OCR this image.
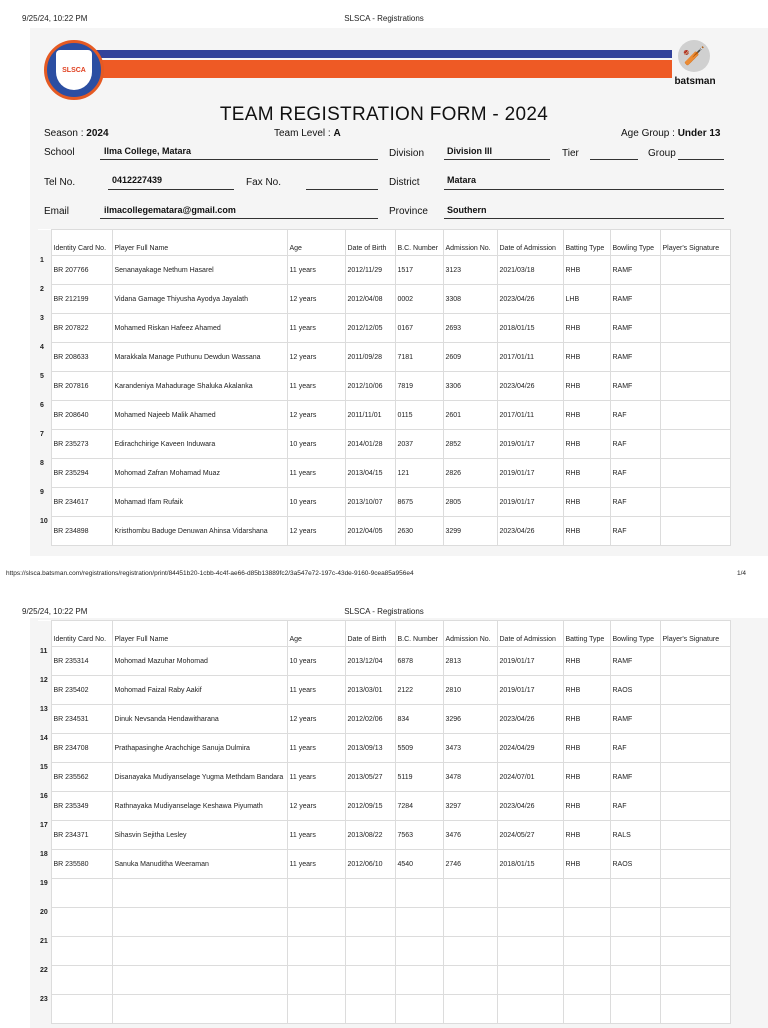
9/25/24, 10:22 PM	SLSCA - Registrations
SLSCA
🏏
batsman
TEAM REGISTRATION FORM - 2024
Season : 2024	Team Level : A	Age Group : Under 13
School	Ilma College, Matara	Division	Division III	Tier	Group
Tel No.	0412227439	Fax No.	District	Matara
Email	ilmacollegematara@gmail.com	Province Southern
	Identity Card No.	Player Full Name	Age	Date of Birth	B.C. Number	Admission No.	Date of Admission	Batting Type	Bowling Type	Player's Signature
1	BR 207766	Senanayakage Nethum Hasarel	11 years	2012/11/29	1517	3123	2021/03/18	RHB	RAMF	
2	BR 212199	Vidana Gamage Thiyusha Ayodya Jayalath	12 years	2012/04/08	0002	3308	2023/04/26	LHB	RAMF	
3	BR 207822	Mohamed Riskan Hafeez Ahamed	11 years	2012/12/05	0167	2693	2018/01/15	RHB	RAMF	
4	BR 208633	Marakkala Manage Puthunu Dewdun Wassana	12 years	2011/09/28	7181	2609	2017/01/11	RHB	RAMF	
5	BR 207816	Karandeniya Mahadurage Shaluka Akalanka	11 years	2012/10/06	7819	3306	2023/04/26	RHB	RAMF	
6	BR 208640	Mohamed Najeeb Malik Ahamed	12 years	2011/11/01	0115	2601	2017/01/11	RHB	RAF	
7	BR 235273	Edirachchirige Kaveen Induwara	10 years	2014/01/28	2037	2852	2019/01/17	RHB	RAF	
8	BR 235294	Mohomad Zafran Mohamad Muaz	11 years	2013/04/15	121	2826	2019/01/17	RHB	RAF	
9	BR 234617	Mohamad Ifam Rufaik	10 years	2013/10/07	8675	2805	2019/01/17	RHB	RAF	
10	BR 234898	Kristhombu Baduge Denuwan Ahinsa Vidarshana	12 years	2012/04/05	2630	3299	2023/04/26	RHB	RAF	
https://slsca.batsman.com/registrations/registration/print/84451b20-1cbb-4c4f-ae66-d85b13889fc2/3a547e72-197c-43de-9160-9cea85a956e4	1/4
9/25/24, 10:22 PM	SLSCA - Registrations
	Identity Card No.	Player Full Name	Age	Date of Birth	B.C. Number	Admission No.	Date of Admission	Batting Type	Bowling Type	Player's Signature
11	BR 235314	Mohomad Mazuhar Mohomad	10 years	2013/12/04	6878	2813	2019/01/17	RHB	RAMF	
12	BR 235402	Mohomad Faizal Raby Aakif	11 years	2013/03/01	2122	2810	2019/01/17	RHB	RAOS	
13	BR 234531	Dinuk Nevsanda Hendawitharana	12 years	2012/02/06	834	3296	2023/04/26	RHB	RAMF	
14	BR 234708	Prathapasinghe Arachchige Sanuja Dulmira	11 years	2013/09/13	5509	3473	2024/04/29	RHB	RAF	
15	BR 235562	Disanayaka Mudiyanselage Yugma Methdam Bandara	11 years	2013/05/27	5119	3478	2024/07/01	RHB	RAMF	
16	BR 235349	Rathnayaka Mudiyanselage Keshawa Piyumath	12 years	2012/09/15	7284	3297	2023/04/26	RHB	RAF	
17	BR 234371	Sihasvin Sejitha Lesley	11 years	2013/08/22	7563	3476	2024/05/27	RHB	RALS	
18	BR 235580	Sanuka Manuditha Weeraman	11 years	2012/06/10	4540	2746	2018/01/15	RHB	RAOS	
19										
20										
21										
22										
23										
